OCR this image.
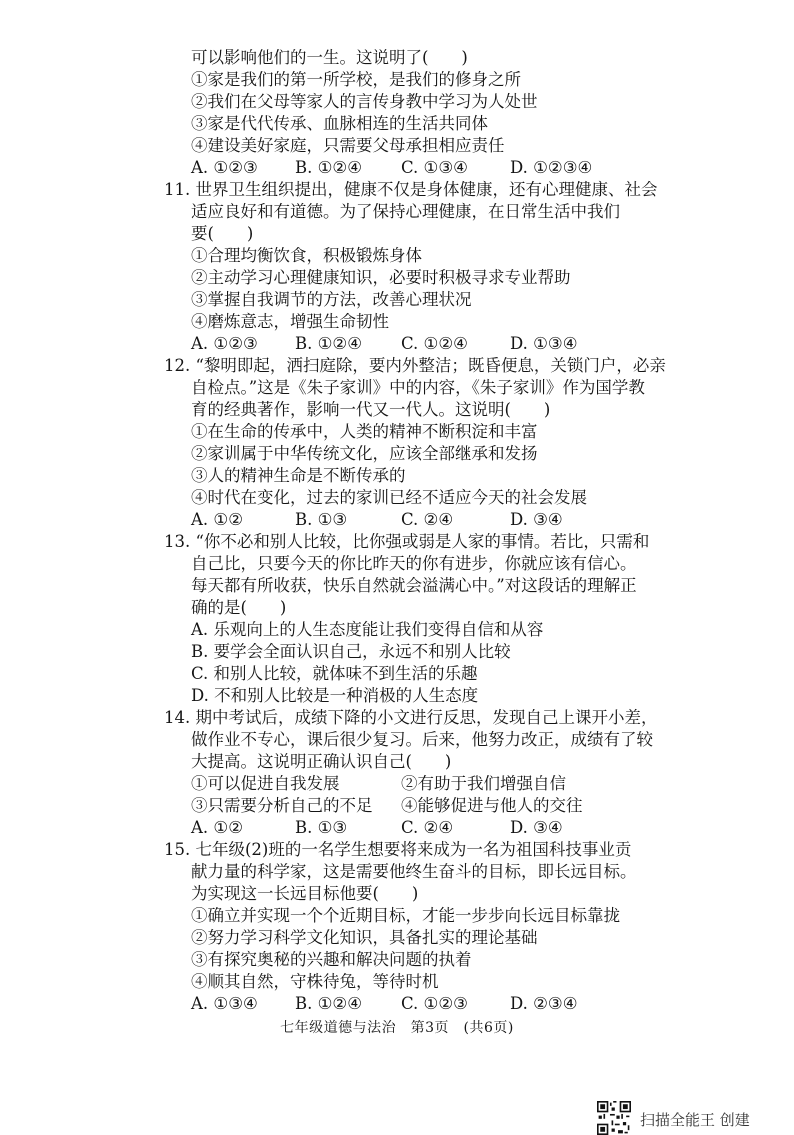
可以影响他们的一生。这说明了(　　)
①家是我们的第一所学校，是我们的修身之所
②我们在父母等家人的言传身教中学习为人处世
③家是代代传承、血脉相连的生活共同体
④建设美好家庭，只需要父母承担相应责任
A. ①②③ B. ①②④ C. ①③④	D. ①②③④
11. 世界卫生组织提出，健康不仅是身体健康，还有心理健康、社会
适应良好和有道德。为了保持心理健康，在日常生活中我们
要(　　)
①合理均衡饮食，积极锻炼身体
②主动学习心理健康知识，必要时积极寻求专业帮助
③掌握自我调节的方法，改善心理状况
④磨炼意志，增强生命韧性
A. ①②③ B. ①②④ C. ①②④	D. ①③④
12. “黎明即起，洒扫庭除，要内外整洁；既昏便息，关锁门户，必亲
自检点。”这是《朱子家训》中的内容，《朱子家训》作为国学教
育的经典著作，影响一代又一代人。这说明(　　)
①在生命的传承中，人类的精神不断积淀和丰富
②家训属于中华传统文化，应该全部继承和发扬
③人的精神生命是不断传承的
④时代在变化，过去的家训已经不适应今天的社会发展
A. ①②	B. ①③	C. ②④	D. ③④
13. “你不必和别人比较，比你强或弱是人家的事情。若比，只需和
自己比，只要今天的你比昨天的你有进步，你就应该有信心。
每天都有所收获，快乐自然就会溢满心中。”对这段话的理解正
确的是(　　)
A. 乐观向上的人生态度能让我们变得自信和从容
B. 要学会全面认识自己，永远不和别人比较
C. 和别人比较，就体味不到生活的乐趣
D. 不和别人比较是一种消极的人生态度
14. 期中考试后，成绩下降的小文进行反思，发现自己上课开小差，
做作业不专心，课后很少复习。后来，他努力改正，成绩有了较
大提高。这说明正确认识自己(　　)
①可以促进自我发展	②有助于我们增强自信
③只需要分析自己的不足 ④能够促进与他人的交往
A. ①②	B. ①③	C. ②④	D. ③④
15. 七年级(2)班的一名学生想要将来成为一名为祖国科技事业贡
献力量的科学家，这是需要他终生奋斗的目标，即长远目标。
为实现这一长远目标他要(　　)
①确立并实现一个个近期目标，才能一步步向长远目标靠拢
②努力学习科学文化知识，具备扎实的理论基础
③有探究奥秘的兴趣和解决问题的执着
④顺其自然，守株待兔，等待时机
A. ①③④ B. ①②④ C. ①②③	D. ②③④
七年级道德与法治　第3页　(共6页)
扫描全能王 创建
